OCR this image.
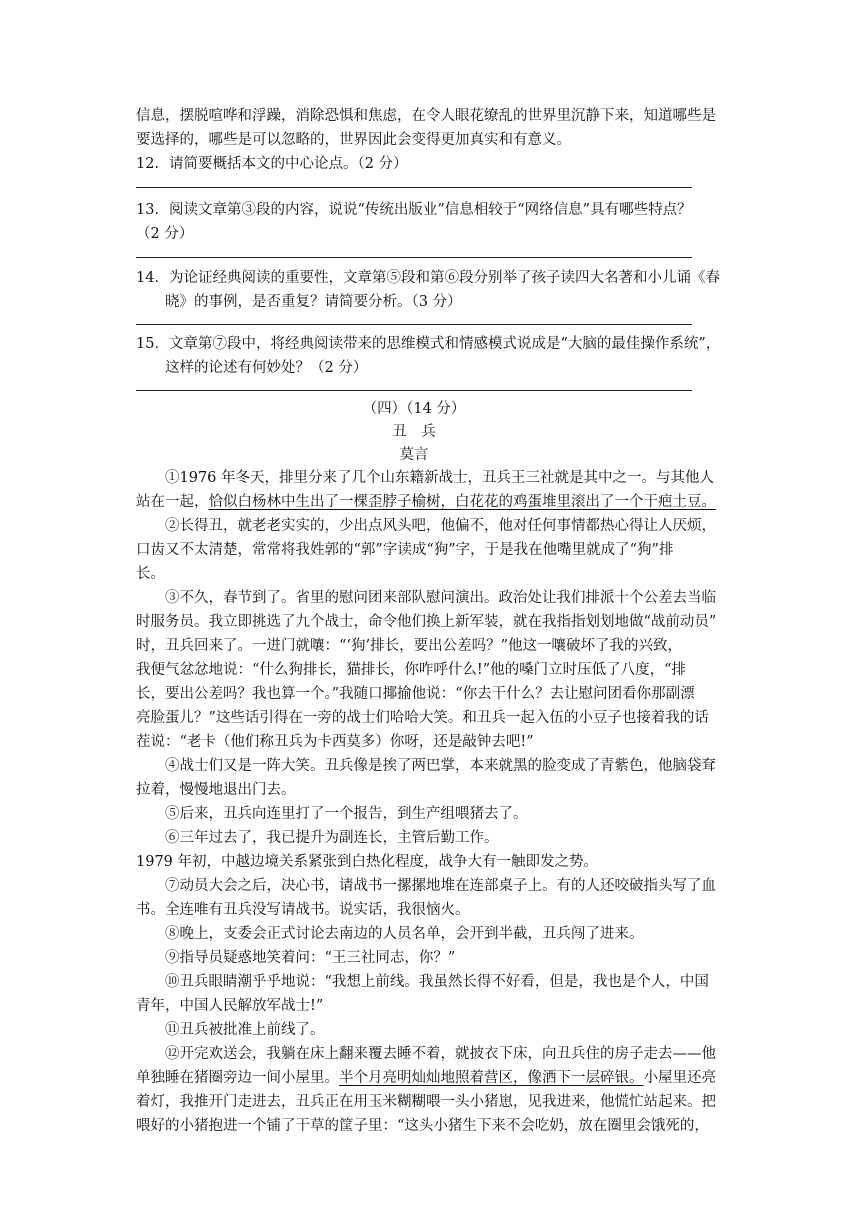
信息，摆脱喧哗和浮躁，消除恐惧和焦虑，在令人眼花缭乱的世界里沉静下来，知道哪些是
要选择的，哪些是可以忽略的，世界因此会变得更加真实和有意义。
12．请简要概括本文的中心论点。（2 分）
13．阅读文章第③段的内容，说说“传统出版业”信息相较于“网络信息”具有哪些特点？
（2 分）
14．为论证经典阅读的重要性，文章第⑤段和第⑥段分别举了孩子读四大名著和小儿诵《春
晓》的事例，是否重复？请简要分析。（3 分）
15．文章第⑦段中，将经典阅读带来的思维模式和情感模式说成是“大脑的最佳操作系统”，
这样的论述有何妙处？（2 分）
（四）（14 分）
丑　兵
莫言
①1976 年冬天，排里分来了几个山东籍新战士，丑兵王三社就是其中之一。与其他人
站在一起，恰似白杨林中生出了一棵歪脖子榆树，白花花的鸡蛋堆里滚出了一个干疤土豆。
②长得丑，就老老实实的，少出点风头吧，他偏不，他对任何事情都热心得让人厌烦，
口齿又不太清楚，常常将我姓郭的“郭”字读成“狗”字，于是我在他嘴里就成了“狗”排
长。
③不久，春节到了。省里的慰问团来部队慰问演出。政治处让我们排派十个公差去当临
时服务员。我立即挑选了九个战士，命令他们换上新军装，就在我指指划划地做“战前动员”
时，丑兵回来了。一进门就嚷：“‘狗’排长，要出公差吗？”他这一嚷破坏了我的兴致，
我便气忿忿地说：“什么狗排长，猫排长，你咋呼什么!”他的嗓门立时压低了八度，“排
长，要出公差吗？我也算一个。”我随口揶揄他说：“你去干什么？去让慰问团看你那副漂
亮脸蛋儿？”这些话引得在一旁的战士们哈哈大笑。和丑兵一起入伍的小豆子也接着我的话
茬说：“老卡（他们称丑兵为卡西莫多）你呀，还是敲钟去吧!”
④战士们又是一阵大笑。丑兵像是挨了两巴掌，本来就黑的脸变成了青紫色，他脑袋耷
拉着，慢慢地退出门去。
⑤后来，丑兵向连里打了一个报告，到生产组喂猪去了。
⑥三年过去了，我已提升为副连长，主管后勤工作。
1979 年初，中越边境关系紧张到白热化程度，战争大有一触即发之势。
⑦动员大会之后，决心书，请战书一摞摞地堆在连部桌子上。有的人还咬破指头写了血
书。全连唯有丑兵没写请战书。说实话，我很恼火。
⑧晚上，支委会正式讨论去南边的人员名单，会开到半截，丑兵闯了进来。
⑨指导员疑惑地笑着问：“王三社同志，你？”
⑩丑兵眼睛潮乎乎地说：“我想上前线。我虽然长得不好看，但是，我也是个人，中国
青年，中国人民解放军战士!”
⑪丑兵被批准上前线了。
⑫开完欢送会，我躺在床上翻来覆去睡不着，就披衣下床，向丑兵住的房子走去——他
单独睡在猪圈旁边一间小屋里。半个月亮明灿灿地照着营区，像洒下一层碎银。小屋里还亮
着灯，我推开门走进去，丑兵正在用玉米糊糊喂一头小猪崽，见我进来，他慌忙站起来。把
喂好的小猪抱进一个铺了干草的筐子里：“这头小猪生下来不会吃奶，放在圈里会饿死的，
